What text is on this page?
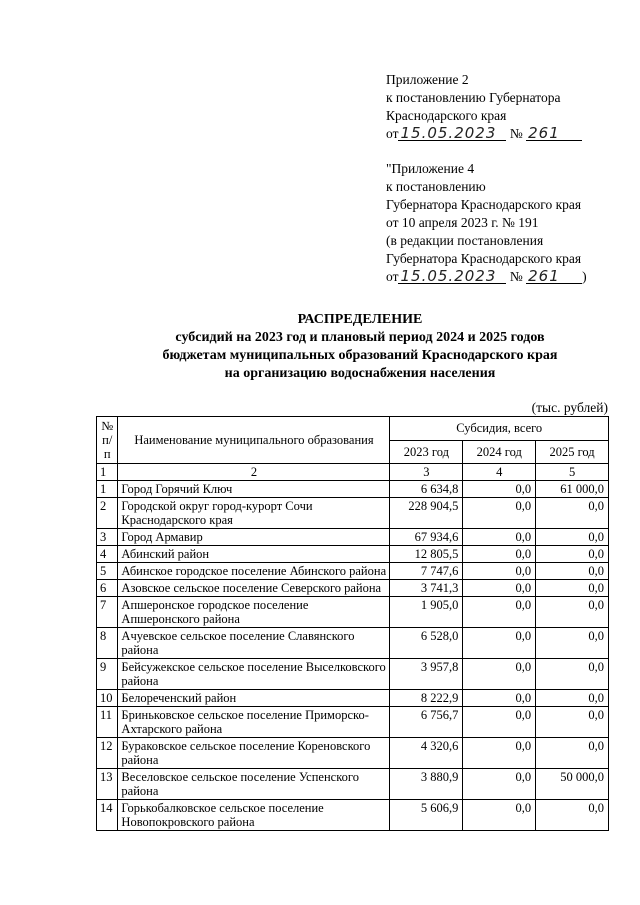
Приложение 2
к постановлению Губернатора
Краснодарского края
от 15.05.2023 № 261
"Приложение 4
к постановлению
Губернатора Краснодарского края
от 10 апреля 2023 г. № 191
(в редакции постановления
Губернатора Краснодарского края
от 15.05.2023 № 261 )
РАСПРЕДЕЛЕНИЕ
субсидий на 2023 год и плановый период 2024 и 2025 годов
бюджетам муниципальных образований Краснодарского края
на организацию водоснабжения населения
(тыс. рублей)
№ п/п	Наименование муниципального образования	Субсидия, всего		
		2023 год	2024 год	2025 год
1	2	3	4	5
1	Город Горячий Ключ	6 634,8	0,0	61 000,0
2	Городской округ город-курорт Сочи Краснодарского края	228 904,5	0,0	0,0
3	Город Армавир	67 934,6	0,0	0,0
4	Абинский район	12 805,5	0,0	0,0
5	Абинское городское поселение Абинского района	7 747,6	0,0	0,0
6	Азовское сельское поселение Северского района	3 741,3	0,0	0,0
7	Апшеронское городское поселение Апшеронского района	1 905,0	0,0	0,0
8	Ачуевское сельское поселение Славянского района	6 528,0	0,0	0,0
9	Бейсужекское сельское поселение Выселковского района	3 957,8	0,0	0,0
10	Белореченский район	8 222,9	0,0	0,0
11	Бриньковское сельское поселение Приморско-Ахтарского района	6 756,7	0,0	0,0
12	Бураковское сельское поселение Кореновского района	4 320,6	0,0	0,0
13	Веселовское сельское поселение Успенского района	3 880,9	0,0	50 000,0
14	Горькобалковское сельское поселение Новопокровского района	5 606,9	0,0	0,0
